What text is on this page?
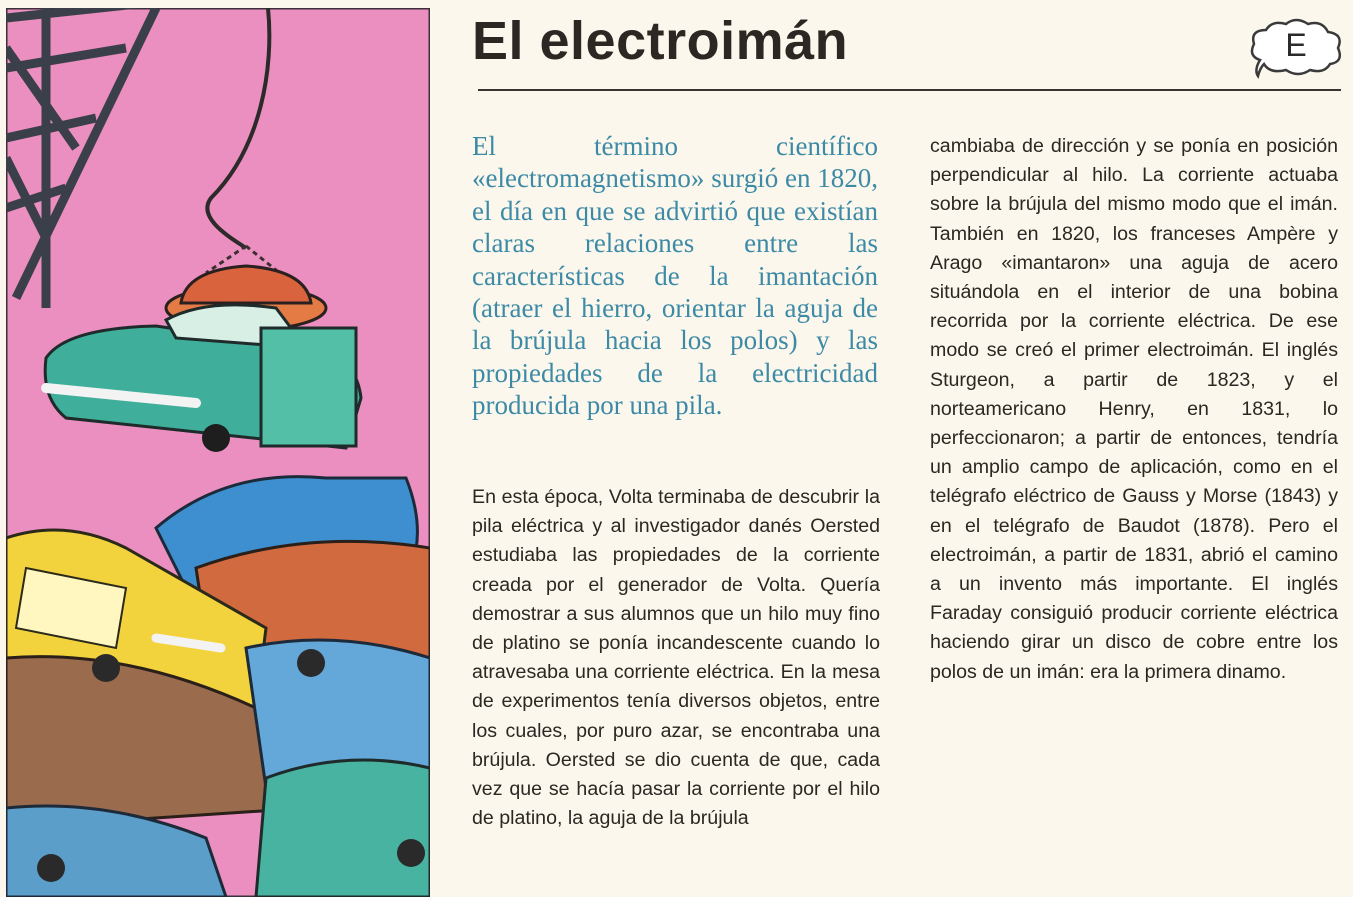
El electroimán	E

El término científico «electromagnetismo» surgió en 1820, el día en que se advirtió que existían claras relaciones entre las características de la imantación (atraer el hierro, orientar la aguja de la brújula hacia los polos) y las propiedades de la electricidad producida por una pila.

En esta época, Volta terminaba de descubrir la pila eléctrica y al investigador danés Oersted estudiaba las propiedades de la corriente creada por el generador de Volta. Quería demostrar a sus alumnos que un hilo muy fino de platino se ponía incandescente cuando lo atravesaba una corriente eléctrica. En la mesa de experimentos tenía diversos objetos, entre los cuales, por puro azar, se encontraba una brújula. Oersted se dio cuenta de que, cada vez que se hacía pasar la corriente por el hilo de platino, la aguja de la brújula

cambiaba de dirección y se ponía en posición perpendicular al hilo. La corriente actuaba sobre la brújula del mismo modo que el imán. También en 1820, los franceses Ampère y Arago «imantaron» una aguja de acero situándola en el interior de una bobina recorrida por la corriente eléctrica. De ese modo se creó el primer electroimán. El inglés Sturgeon, a partir de 1823, y el norteamericano Henry, en 1831, lo perfeccionaron; a partir de entonces, tendría un amplio campo de aplicación, como en el telégrafo eléctrico de Gauss y Morse (1843) y en el telégrafo de Baudot (1878). Pero el electroimán, a partir de 1831, abrió el camino a un invento más importante. El inglés Faraday consiguió producir corriente eléctrica haciendo girar un disco de cobre entre los polos de un imán: era la primera dinamo.
